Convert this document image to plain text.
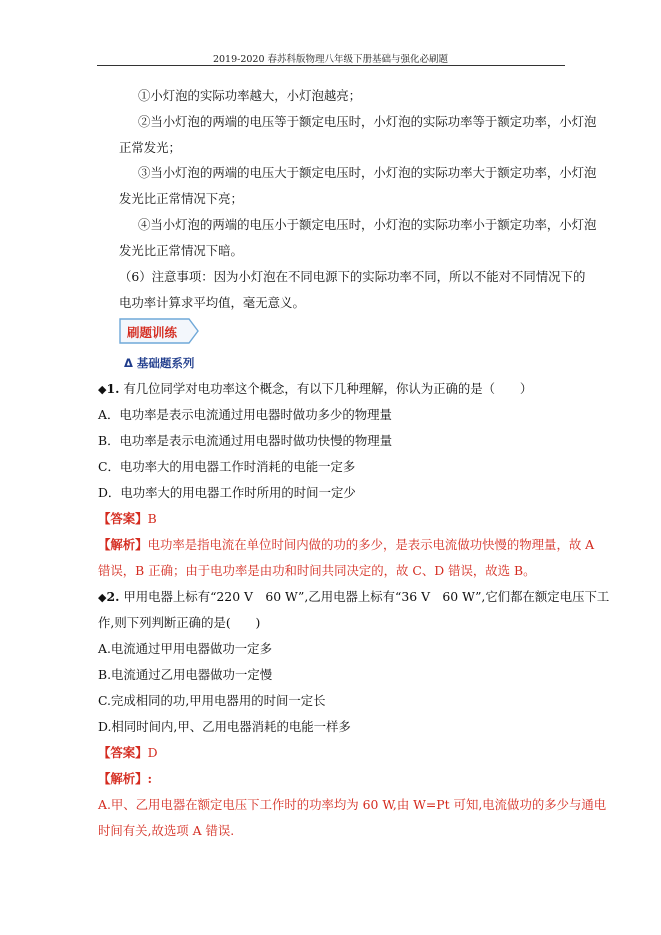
2019-2020 春苏科版物理八年级下册基础与强化必刷题
①小灯泡的实际功率越大，小灯泡越亮；
②当小灯泡的两端的电压等于额定电压时，小灯泡的实际功率等于额定功率，小灯泡
正常发光；
③当小灯泡的两端的电压大于额定电压时，小灯泡的实际功率大于额定功率，小灯泡
发光比正常情况下亮；
④当小灯泡的两端的电压小于额定电压时，小灯泡的实际功率小于额定功率，小灯泡
发光比正常情况下暗。
（6）注意事项：因为小灯泡在不同电源下的实际功率不同，所以不能对不同情况下的
电功率计算求平均值，毫无意义。
刷题训练
Δ 基础题系列
◆1. 有几位同学对电功率这个概念，有以下几种理解，你认为正确的是（　　）
A．电功率是表示电流通过用电器时做功多少的物理量
B．电功率是表示电流通过用电器时做功快慢的物理量
C．电功率大的用电器工作时消耗的电能一定多
D．电功率大的用电器工作时所用的时间一定少
【答案】B
【解析】电功率是指电流在单位时间内做的功的多少，是表示电流做功快慢的物理量，故 A
错误，B 正确；由于电功率是由功和时间共同决定的，故 C、D 错误，故选 B。
◆2. 甲用电器上标有“220 V　60 W”,乙用电器上标有“36 V　60 W”,它们都在额定电压下工
作,则下列判断正确的是(　　)
A.电流通过甲用电器做功一定多
B.电流通过乙用电器做功一定慢
C.完成相同的功,甲用电器用的时间一定长
D.相同时间内,甲、乙用电器消耗的电能一样多
【答案】D
【解析】:
A.甲、乙用电器在额定电压下工作时的功率均为 60 W,由 W=Pt 可知,电流做功的多少与通电
时间有关,故选项 A 错误.
